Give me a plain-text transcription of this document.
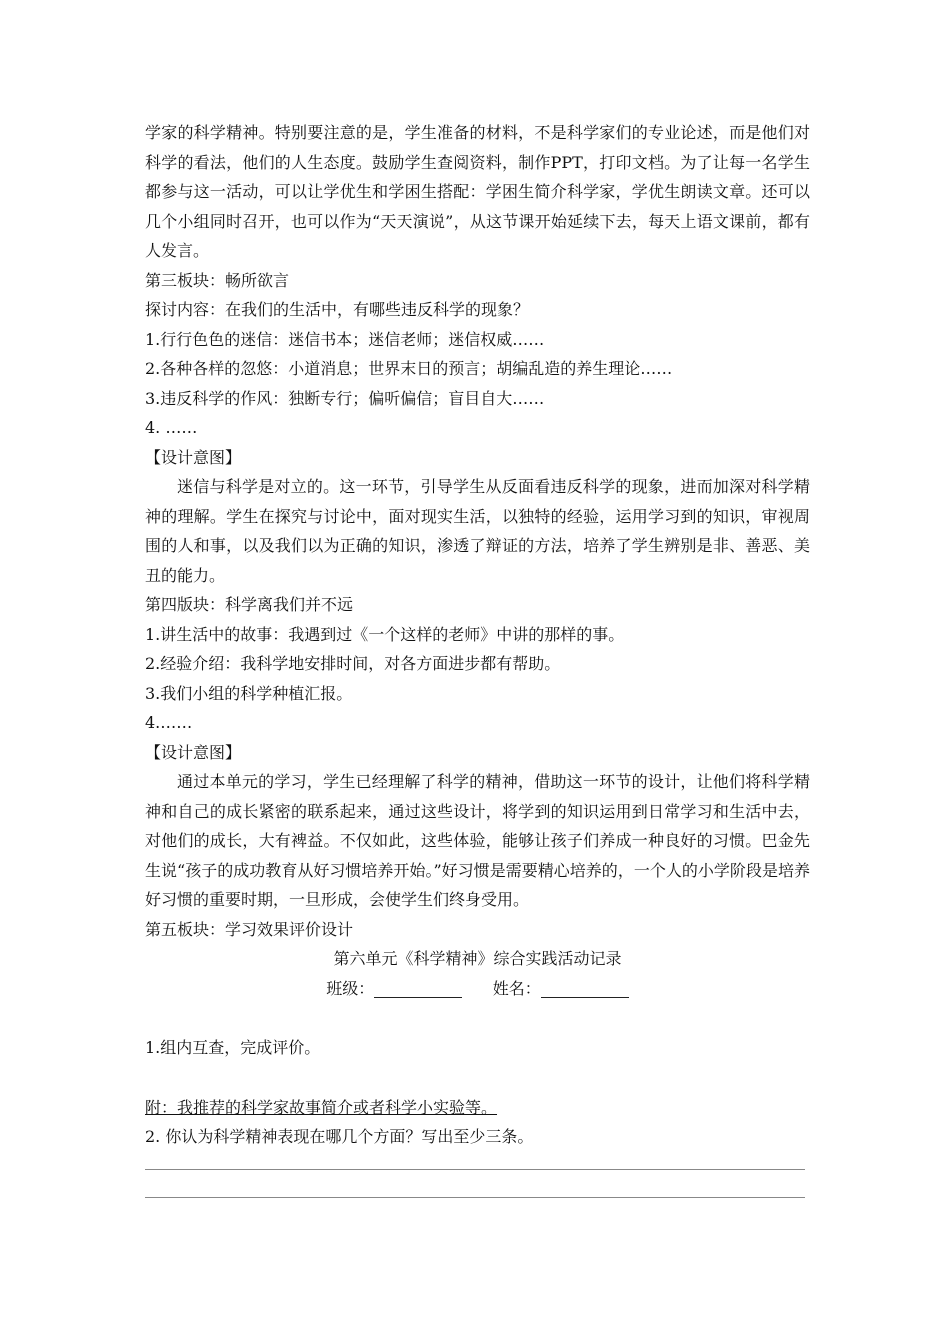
学家的科学精神。特别要注意的是，学生准备的材料，不是科学家们的专业论述，而是他们对科学的看法，他们的人生态度。鼓励学生查阅资料，制作PPT，打印文档。为了让每一名学生都参与这一活动，可以让学优生和学困生搭配：学困生简介科学家，学优生朗读文章。还可以几个小组同时召开，也可以作为“天天演说”，从这节课开始延续下去，每天上语文课前，都有人发言。

第三板块：畅所欲言

探讨内容：在我们的生活中，有哪些违反科学的现象？

1.行行色色的迷信：迷信书本；迷信老师；迷信权威……

2.各种各样的忽悠：小道消息；世界末日的预言；胡编乱造的养生理论……

3.违反科学的作风：独断专行；偏听偏信；盲目自大……

4. ……

【设计意图】

迷信与科学是对立的。这一环节，引导学生从反面看违反科学的现象，进而加深对科学精神的理解。学生在探究与讨论中，面对现实生活，以独特的经验，运用学习到的知识，审视周围的人和事，以及我们以为正确的知识，渗透了辩证的方法，培养了学生辨别是非、善恶、美丑的能力。

第四版块：科学离我们并不远

1.讲生活中的故事：我遇到过《一个这样的老师》中讲的那样的事。

2.经验介绍：我科学地安排时间，对各方面进步都有帮助。

3.我们小组的科学种植汇报。

4.……

【设计意图】

通过本单元的学习，学生已经理解了科学的精神，借助这一环节的设计，让他们将科学精神和自己的成长紧密的联系起来，通过这些设计，将学到的知识运用到日常学习和生活中去，对他们的成长，大有裨益。不仅如此，这些体验，能够让孩子们养成一种良好的习惯。巴金先生说“孩子的成功教育从好习惯培养开始。”好习惯是需要精心培养的，一个人的小学阶段是培养好习惯的重要时期，一旦形成，会使学生们终身受用。

第五板块：学习效果评价设计

第六单元《科学精神》综合实践活动记录

班级：	姓名：

1.组内互查，完成评价。

附：我推荐的科学家故事简介或者科学小实验等。

2. 你认为科学精神表现在哪几个方面？写出至少三条。
